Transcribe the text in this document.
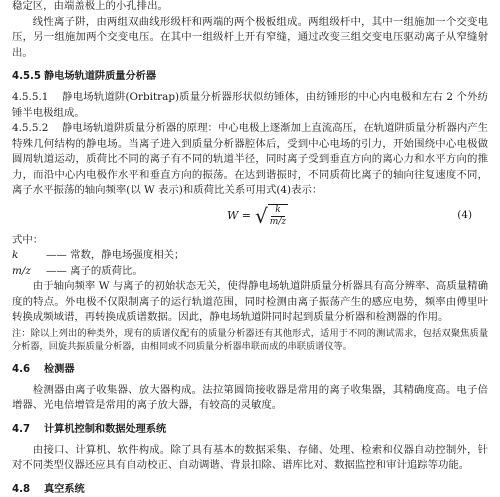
稳定区，由端盖极上的小孔排出。

线性离子阱，由两组双曲线形级杆和两端的两个极板组成。两组级杆中，其中一组施加一个交变电压，另一组施加两个交变电压。在其中一组级杆上开有窄缝，通过改变三组交变电压驱动离子从窄缝射出。

4.5.5 静电场轨道阱质量分析器

4.5.5.1 静电场轨道阱(Orbitrap)质量分析器形状似纺锤体，由纺锤形的中心内电极和左右 2 个外纺锤半电极组成。

4.5.5.2 静电场轨道阱质量分析器的原理：中心电极上逐渐加上直流高压，在轨道阱质量分析器内产生特殊几何结构的静电场。当离子进入到质量分析器腔体后，受到中心电场的引力，开始围绕中心电极做圆周轨道运动，质荷比不同的离子有不同的轨道半径，同时离子受到垂直方向的离心力和水平方向的推力，而沿中心内电极作水平和垂直方向的振荡。在达到谐振时，不同质荷比离子的轴向往复速度不同，离子水平振荡的轴向频率(以 W 表示)和质荷比关系可用式(4)表示：

W = √ $\frac{k}{m/z}$	(4)

式中：

k	—— 常数，静电场强度相关；
m/z	—— 离子的质荷比。

由于轴向频率 W 与离子的初始状态无关，使得静电场轨道阱质量分析器具有高分辨率、高质量精确度的特点。外电极不仅限制离子的运行轨道范围，同时检测由离子振荡产生的感应电势，频率由傅里叶转换成频域谱，再转换成质谱数据。因此，静电场轨道阱同时起到质量分析器和检测器的作用。

注：除以上列出的种类外，现有的质谱仪配有的质量分析器还有其他形式，适用于不同的测试需求，包括双聚焦质量分析器，回旋共振质量分析器，由相同或不同质量分析器串联而成的串联质谱仪等。

4.6 检测器

检测器由离子收集器、放大器构成。法拉第圆筒接收器是常用的离子收集器，其精确度高。电子倍增器、光电倍增管是常用的离子放大器，有较高的灵敏度。

4.7 计算机控制和数据处理系统

由接口、计算机、软件构成。除了具有基本的数据采集、存储、处理、检索和仪器自动控制外，针对不同类型仪器还应具有自动校正、自动调谐、背景扣除、谱库比对、数据监控和审计追踪等功能。

4.8 真空系统
